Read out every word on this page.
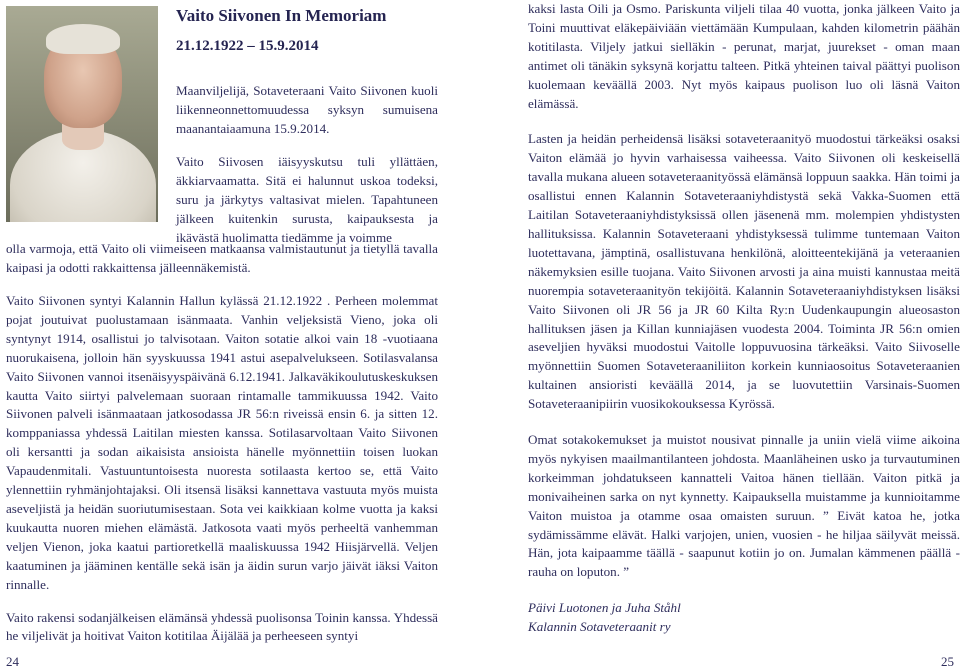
Vaito Siivonen In Memoriam
21.12.1922 – 15.9.2014

Maanviljelijä, Sotaveteraani Vaito Siivonen kuoli liikenneonnettomuudessa syksyn sumuisena maanantaiaamuna 15.9.2014.

Vaito Siivosen iäisyyskutsu tuli yllättäen, äkkiarvaamatta. Sitä ei halunnut uskoa todeksi, suru ja järkytys valtasivat mielen. Tapahtuneen jälkeen kuitenkin surusta, kaipauksesta ja ikävästä huolimatta tiedämme ja voimme

olla varmoja, että Vaito oli viimeiseen matkaansa valmistautunut ja tietyllä tavalla kaipasi ja odotti rakkaittensa jälleennäkemistä.

Vaito Siivonen syntyi Kalannin Hallun kylässä 21.12.1922 . Perheen molemmat pojat joutuivat puolustamaan isänmaata. Vanhin veljeksistä Vieno, joka oli syntynyt 1914, osallistui jo talvisotaan. Vaiton sotatie alkoi vain 18 -vuotiaana nuorukaisena, jolloin hän syyskuussa 1941 astui asepalvelukseen. Sotilasvalansa Vaito Siivonen vannoi itsenäisyyspäivänä 6.12.1941. Jalkaväkikoulutuskeskuksen kautta Vaito siirtyi palvelemaan suoraan rintamalle tammikuussa 1942. Vaito Siivonen palveli isänmaataan jatkosodassa JR 56:n riveissä ensin 6. ja sitten 12. komppaniassa yhdessä Laitilan miesten kanssa. Sotilasarvoltaan Vaito Siivonen oli kersantti ja sodan aikaisista ansioista hänelle myönnettiin toisen luokan Vapaudenmitali. Vastuuntuntoisesta nuoresta sotilaasta kertoo se, että Vaito ylennettiin ryhmänjohtajaksi. Oli itsensä lisäksi kannettava vastuuta myös muista aseveljistä ja heidän suoriutumisestaan. Sota vei kaikkiaan kolme vuotta ja kaksi kuukautta nuoren miehen elämästä. Jatkosota vaati myös perheeltä vanhemman veljen Vienon, joka kaatui partioretkellä maaliskuussa 1942 Hiisjärvellä. Veljen kaatuminen ja jääminen kentälle sekä isän ja äidin surun varjo jäivät iäksi Vaiton rinnalle.

Vaito rakensi sodanjälkeisen elämänsä yhdessä puolisonsa Toinin kanssa. Yhdessä he viljelivät ja hoitivat Vaiton kotitilaa Äijälää ja perheeseen syntyi

24

kaksi lasta Oili ja Osmo. Pariskunta viljeli tilaa 40 vuotta, jonka jälkeen Vaito ja Toini muuttivat eläkepäiviään viettämään Kumpulaan, kahden kilometrin päähän kotitilasta. Viljely jatkui sielläkin - perunat, marjat, juurekset - oman maan antimet oli tänäkin syksynä korjattu talteen. Pitkä yhteinen taival päättyi puolison kuolemaan keväällä 2003. Nyt myös kaipaus puolison luo oli läsnä Vaiton elämässä.

Lasten ja heidän perheidensä lisäksi sotaveteraanityö muodostui tärkeäksi osaksi Vaiton elämää jo hyvin varhaisessa vaiheessa. Vaito Siivonen oli keskeisellä tavalla mukana alueen sotaveteraanityössä elämänsä loppuun saakka. Hän toimi ja osallistui ennen Kalannin Sotaveteraaniyhdistystä sekä Vakka-Suomen että Laitilan Sotaveteraaniyhdistyksissä ollen jäsenenä mm. molempien yhdistysten hallituksissa. Kalannin Sotaveteraani yhdistyksessä tulimme tuntemaan Vaiton luotettavana, jämptinä, osallistuvana henkilönä, aloitteentekijänä ja veteraanien näkemyksien esille tuojana. Vaito Siivonen arvosti ja aina muisti kannustaa meitä nuorempia sotaveteraanityön tekijöitä. Kalannin Sotaveteraaniyhdistyksen lisäksi Vaito Siivonen oli JR 56 ja JR 60 Kilta Ry:n Uudenkaupungin alueosaston hallituksen jäsen ja Killan kunniajäsen vuodesta 2004. Toiminta JR 56:n omien aseveljien hyväksi muodostui Vaitolle loppuvuosina tärkeäksi. Vaito Siivoselle myönnettiin Suomen Sotaveteraaniliiton korkein kunniaosoitus Sotaveteraanien kultainen ansioristi keväällä 2014, ja se luovutettiin Varsinais-Suomen Sotaveteraanipiirin vuosikokouksessa Kyrössä.

Omat sotakokemukset ja muistot nousivat pinnalle ja uniin vielä viime aikoina myös nykyisen maailmantilanteen johdosta. Maanläheinen usko ja turvautuminen korkeimman johdatukseen kannatteli Vaitoa hänen tiellään. Vaiton pitkä ja monivaiheinen sarka on nyt kynnetty. Kaipauksella muistamme ja kunnioitamme Vaiton muistoa ja otamme osaa omaisten suruun. ” Eivät katoa he, jotka sydämissämme elävät. Halki varjojen, unien, vuosien - he hiljaa säilyvät meissä. Hän, jota kaipaamme täällä - saapunut kotiin jo on. Jumalan kämmenen päällä - rauha on loputon. ”

Päivi Luotonen ja Juha Ståhl
Kalannin Sotaveteraanit ry

25
